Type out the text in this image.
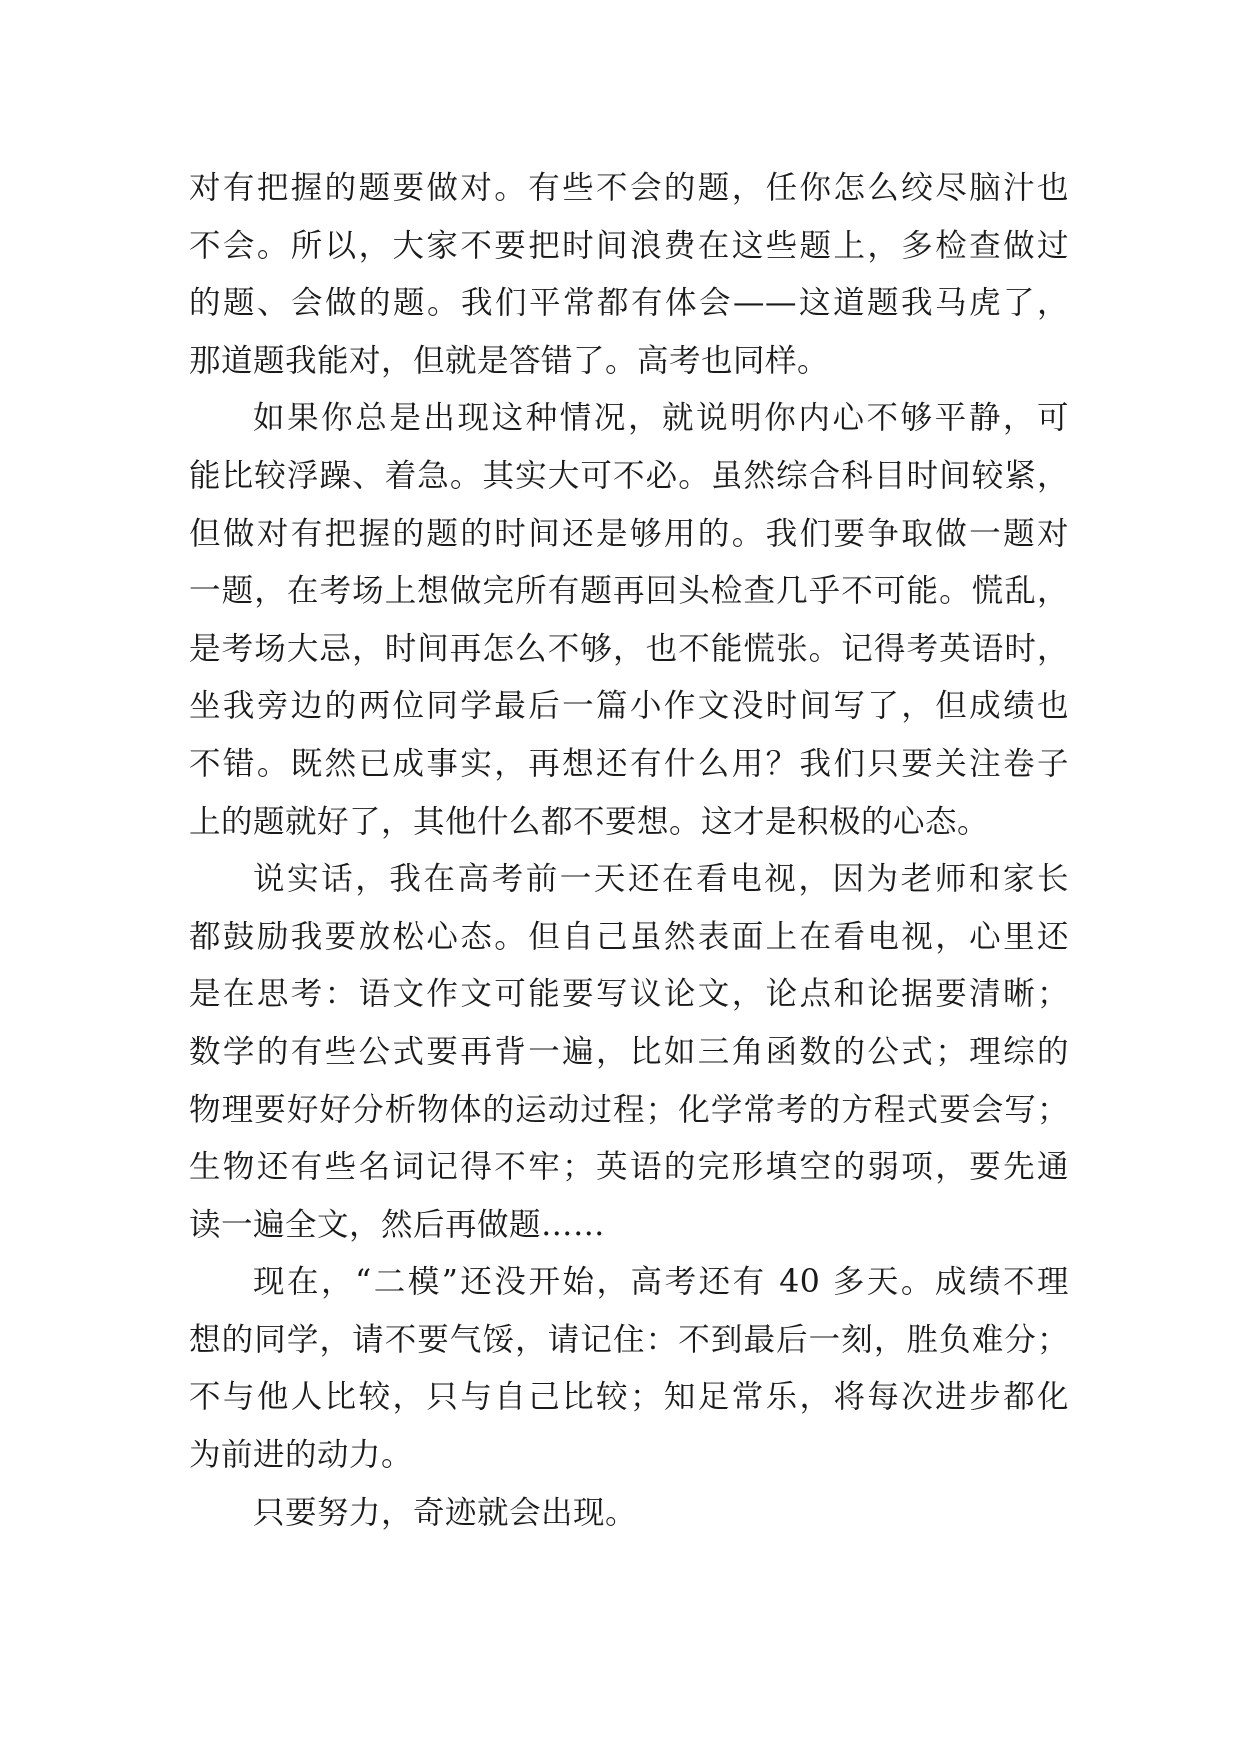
对有把握的题要做对。有些不会的题，任你怎么绞尽脑汁也
不会。所以，大家不要把时间浪费在这些题上，多检查做过
的题、会做的题。我们平常都有体会——这道题我马虎了，
那道题我能对，但就是答错了。高考也同样。
如果你总是出现这种情况，就说明你内心不够平静，可
能比较浮躁、着急。其实大可不必。虽然综合科目时间较紧，
但做对有把握的题的时间还是够用的。我们要争取做一题对
一题，在考场上想做完所有题再回头检查几乎不可能。慌乱，
是考场大忌，时间再怎么不够，也不能慌张。记得考英语时，
坐我旁边的两位同学最后一篇小作文没时间写了，但成绩也
不错。既然已成事实，再想还有什么用？我们只要关注卷子
上的题就好了，其他什么都不要想。这才是积极的心态。
说实话，我在高考前一天还在看电视，因为老师和家长
都鼓励我要放松心态。但自己虽然表面上在看电视，心里还
是在思考：语文作文可能要写议论文，论点和论据要清晰；
数学的有些公式要再背一遍，比如三角函数的公式；理综的
物理要好好分析物体的运动过程；化学常考的方程式要会写；
生物还有些名词记得不牢；英语的完形填空的弱项，要先通
读一遍全文，然后再做题……
现在，“二模”还没开始，高考还有 40 多天。成绩不理
想的同学，请不要气馁，请记住：不到最后一刻，胜负难分；
不与他人比较，只与自己比较；知足常乐，将每次进步都化
为前进的动力。
只要努力，奇迹就会出现。
